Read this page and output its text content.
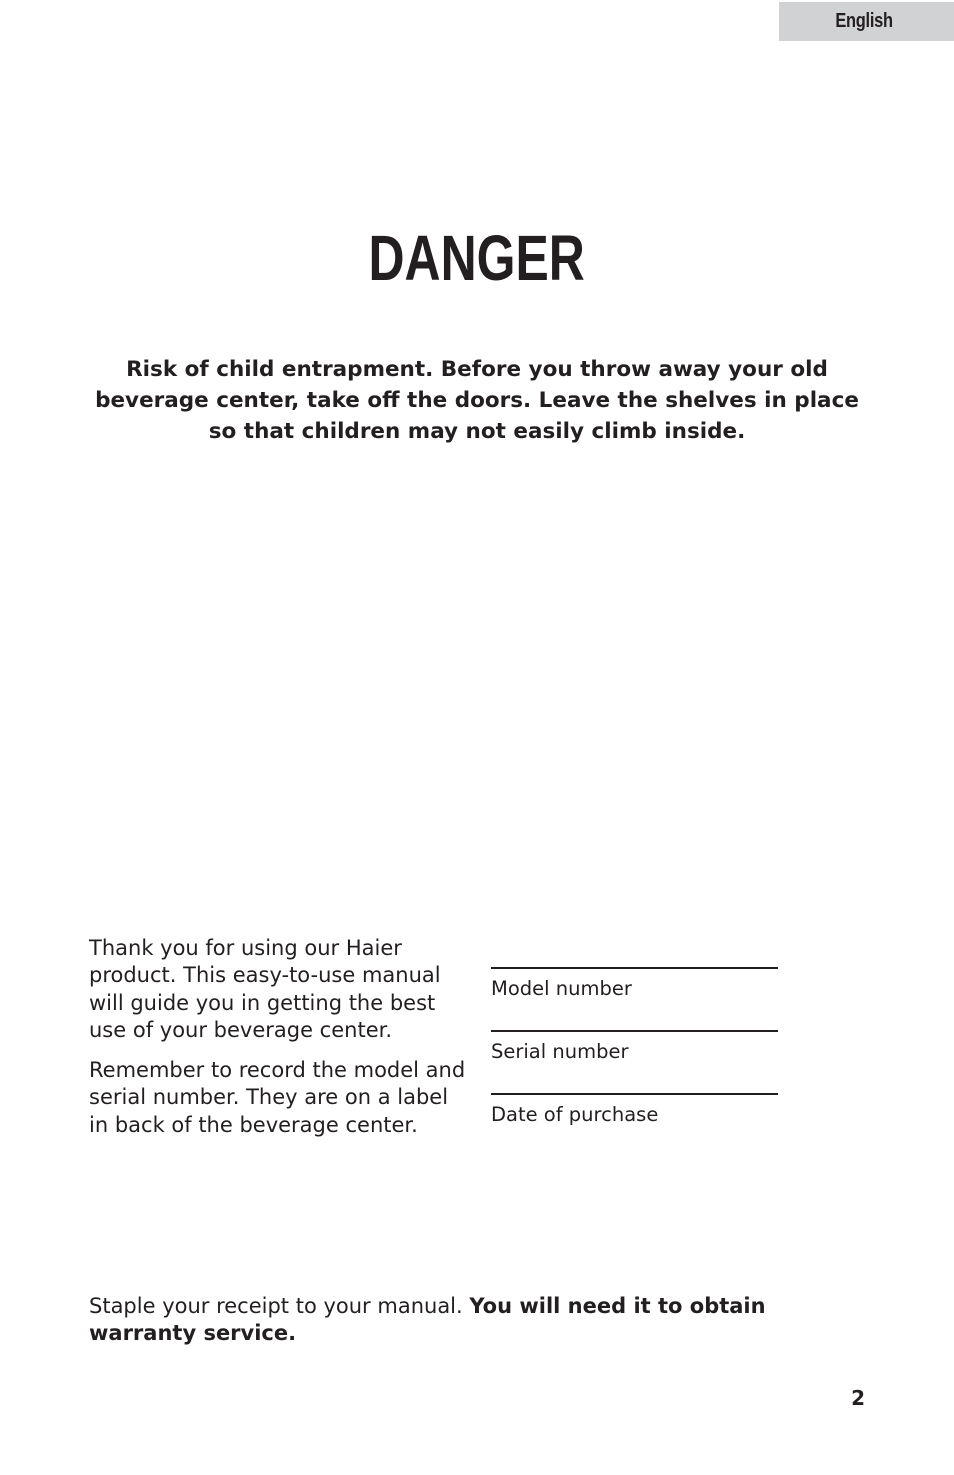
English
DANGER
Risk of child entrapment. Before you throw away your old beverage center, take off the doors. Leave the shelves in place so that children may not easily climb inside.

Thank you for using our Haier product. This easy-to-use manual will guide you in getting the best use of your beverage center.

Remember to record the model and serial number. They are on a label in back of the beverage center.

Model number
Serial number
Date of purchase
Staple your receipt to your manual. You will need it to obtain warranty service.
2
